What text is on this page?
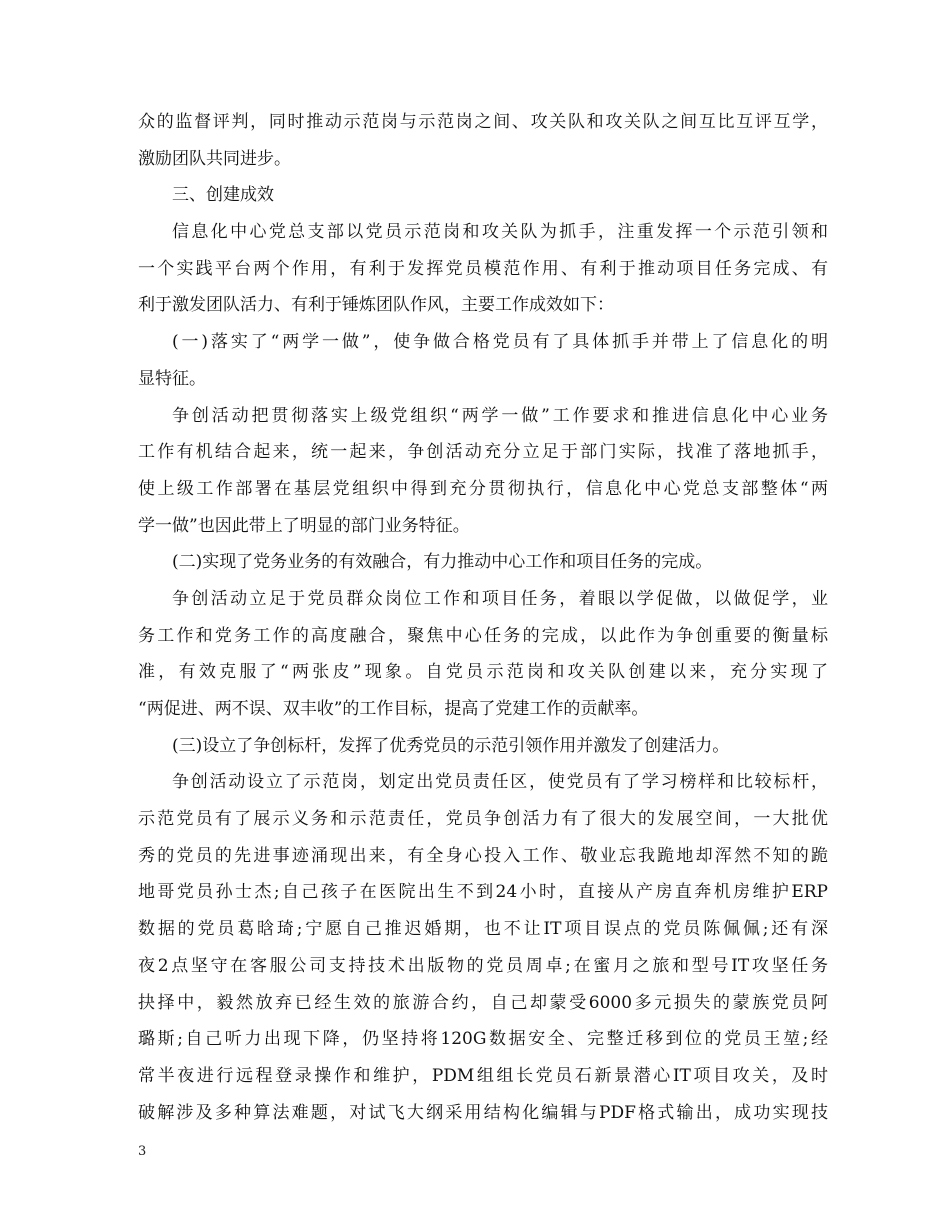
众的监督评判，同时推动示范岗与示范岗之间、攻关队和攻关队之间互比互评互学，
激励团队共同进步。
三、创建成效
信息化中心党总支部以党员示范岗和攻关队为抓手，注重发挥一个示范引领和
一个实践平台两个作用，有利于发挥党员模范作用、有利于推动项目任务完成、有
利于激发团队活力、有利于锤炼团队作风，主要工作成效如下：
(一)落实了“两学一做”，使争做合格党员有了具体抓手并带上了信息化的明
显特征。
争创活动把贯彻落实上级党组织“两学一做”工作要求和推进信息化中心业务
工作有机结合起来，统一起来，争创活动充分立足于部门实际，找准了落地抓手，
使上级工作部署在基层党组织中得到充分贯彻执行，信息化中心党总支部整体“两
学一做”也因此带上了明显的部门业务特征。
(二)实现了党务业务的有效融合，有力推动中心工作和项目任务的完成。
争创活动立足于党员群众岗位工作和项目任务，着眼以学促做，以做促学，业
务工作和党务工作的高度融合，聚焦中心任务的完成，以此作为争创重要的衡量标
准，有效克服了“两张皮”现象。自党员示范岗和攻关队创建以来，充分实现了
“两促进、两不误、双丰收”的工作目标，提高了党建工作的贡献率。
(三)设立了争创标杆，发挥了优秀党员的示范引领作用并激发了创建活力。
争创活动设立了示范岗，划定出党员责任区，使党员有了学习榜样和比较标杆，
示范党员有了展示义务和示范责任，党员争创活力有了很大的发展空间，一大批优
秀的党员的先进事迹涌现出来，有全身心投入工作、敬业忘我跪地却浑然不知的跪
地哥党员孙士杰;自己孩子在医院出生不到24小时，直接从产房直奔机房维护ERP
数据的党员葛晗琦;宁愿自己推迟婚期，也不让IT项目误点的党员陈佩佩;还有深
夜2点坚守在客服公司支持技术出版物的党员周卓;在蜜月之旅和型号IT攻坚任务
抉择中，毅然放弃已经生效的旅游合约，自己却蒙受6000多元损失的蒙族党员阿
璐斯;自己听力出现下降，仍坚持将120G数据安全、完整迁移到位的党员王堃;经
常半夜进行远程登录操作和维护，PDM组组长党员石新景潜心IT项目攻关，及时
破解涉及多种算法难题，对试飞大纲采用结构化编辑与PDF格式输出，成功实现技
3
